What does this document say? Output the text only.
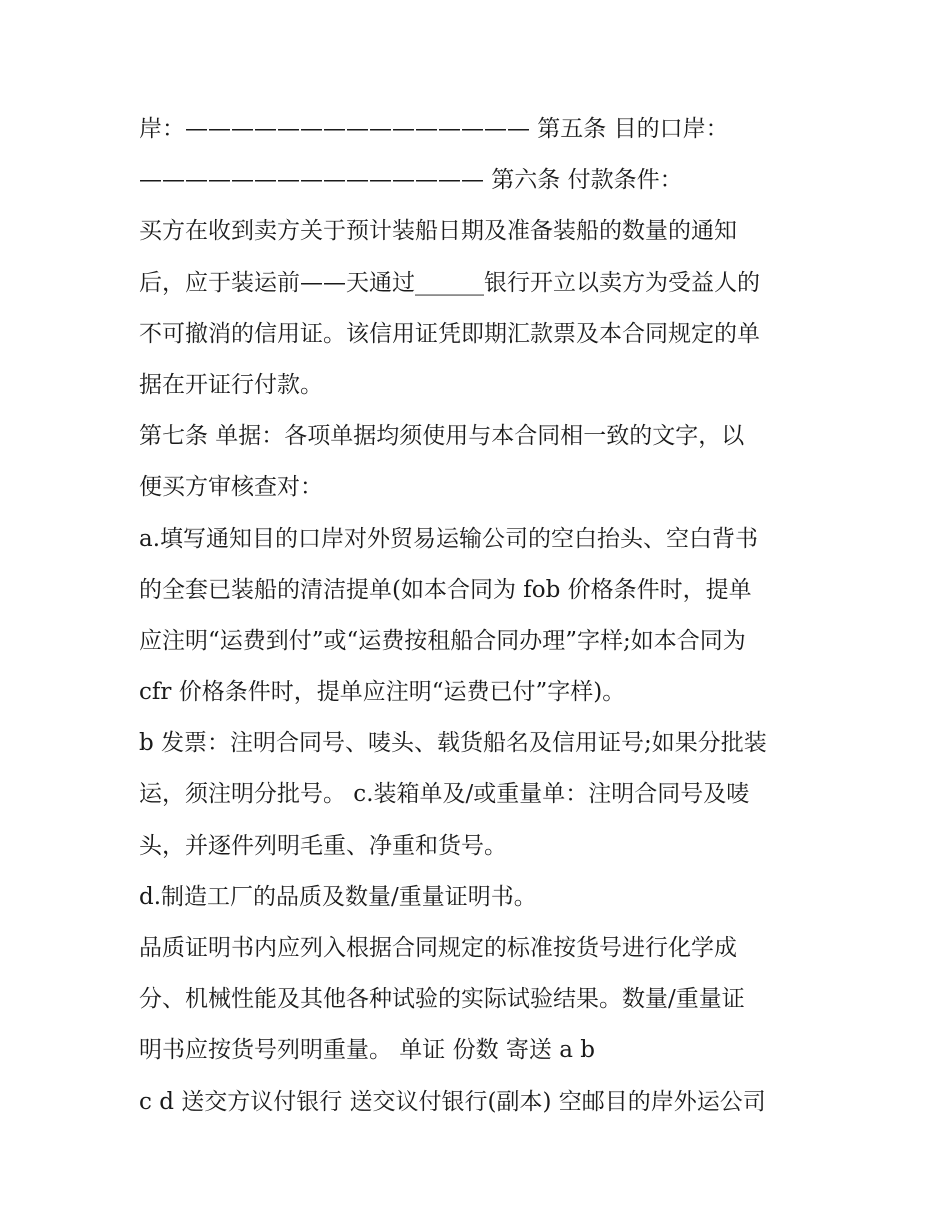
岸：——————————————— 第五条 目的口岸：
——————————————— 第六条 付款条件：
买方在收到卖方关于预计装船日期及准备装船的数量的通知
后，应于装运前——天通过______银行开立以卖方为受益人的
不可撤消的信用证。该信用证凭即期汇款票及本合同规定的单
据在开证行付款。
第七条 单据：各项单据均须使用与本合同相一致的文字，以
便买方审核查对：
a.填写通知目的口岸对外贸易运输公司的空白抬头、空白背书
的全套已装船的清洁提单(如本合同为 fob 价格条件时，提单
应注明“运费到付”或“运费按租船合同办理”字样;如本合同为
cfr 价格条件时，提单应注明“运费已付”字样)。
b 发票：注明合同号、唛头、载货船名及信用证号;如果分批装
运，须注明分批号。 c.装箱单及/或重量单：注明合同号及唛
头，并逐件列明毛重、净重和货号。
d.制造工厂的品质及数量/重量证明书。
品质证明书内应列入根据合同规定的标准按货号进行化学成
分、机械性能及其他各种试验的实际试验结果。数量/重量证
明书应按货号列明重量。 单证 份数 寄送 a b
c d 送交方议付银行 送交议付银行(副本) 空邮目的岸外运公司
